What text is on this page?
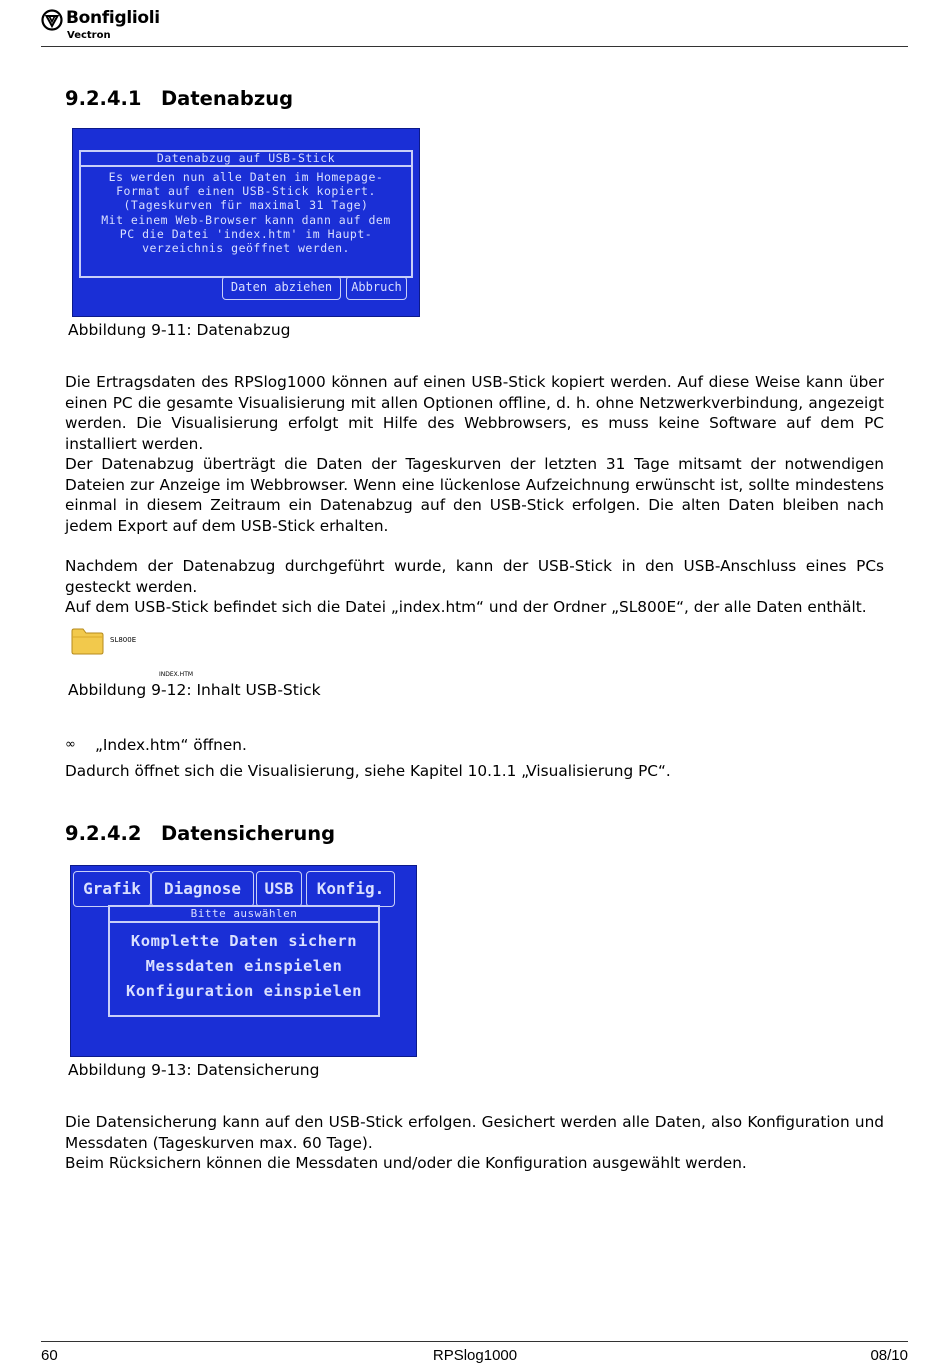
Bonfiglioli
Vectron
9.2.4.1 Datenabzug
Datenabzug auf USB-Stick
Es werden nun alle Daten im Homepage-
Format auf einen USB-Stick kopiert.
(Tageskurven für maximal 31 Tage)
Mit einem Web-Browser kann dann auf dem
PC die Datei 'index.htm' im Haupt-
verzeichnis geöffnet werden.
Daten abziehen	Abbruch
Abbildung 9-11: Datenabzug

Die Ertragsdaten des RPSlog1000 können auf einen USB-Stick kopiert werden. Auf diese Weise kann über einen PC die gesamte Visualisierung mit allen Optionen offline, d. h. ohne Netzwerkverbindung, angezeigt werden. Die Visualisierung erfolgt mit Hilfe des Webbrowsers, es muss keine Software auf dem PC installiert werden.

Der Datenabzug überträgt die Daten der Tageskurven der letzten 31 Tage mitsamt der notwendigen Dateien zur Anzeige im Webbrowser. Wenn eine lückenlose Aufzeichnung erwünscht ist, sollte mindestens einmal in diesem Zeitraum ein Datenabzug auf den USB-Stick erfolgen. Die alten Daten bleiben nach jedem Export auf dem USB-Stick erhalten.

Nachdem der Datenabzug durchgeführt wurde, kann der USB-Stick in den USB-Anschluss eines PCs gesteckt werden.

Auf dem USB-Stick befindet sich die Datei „index.htm“ und der Ordner „SL800E“, der alle Daten enthält.

SL800E
INDEX.HTM
Abbildung 9-12: Inhalt USB-Stick
∞ „Index.htm“ öffnen.
Dadurch öffnet sich die Visualisierung, siehe Kapitel 10.1.1 „Visualisierung PC“.
9.2.4.2 Datensicherung
Grafik	Diagnose	USB	Konfig.
Bitte auswählen
Komplette Daten sichern
Messdaten einspielen
Konfiguration einspielen
Abbildung 9-13: Datensicherung

Die Datensicherung kann auf den USB-Stick erfolgen. Gesichert werden alle Daten, also Konfiguration und Messdaten (Tageskurven max. 60 Tage).

Beim Rücksichern können die Messdaten und/oder die Konfiguration ausgewählt werden.

60	RPSlog1000	08/10
